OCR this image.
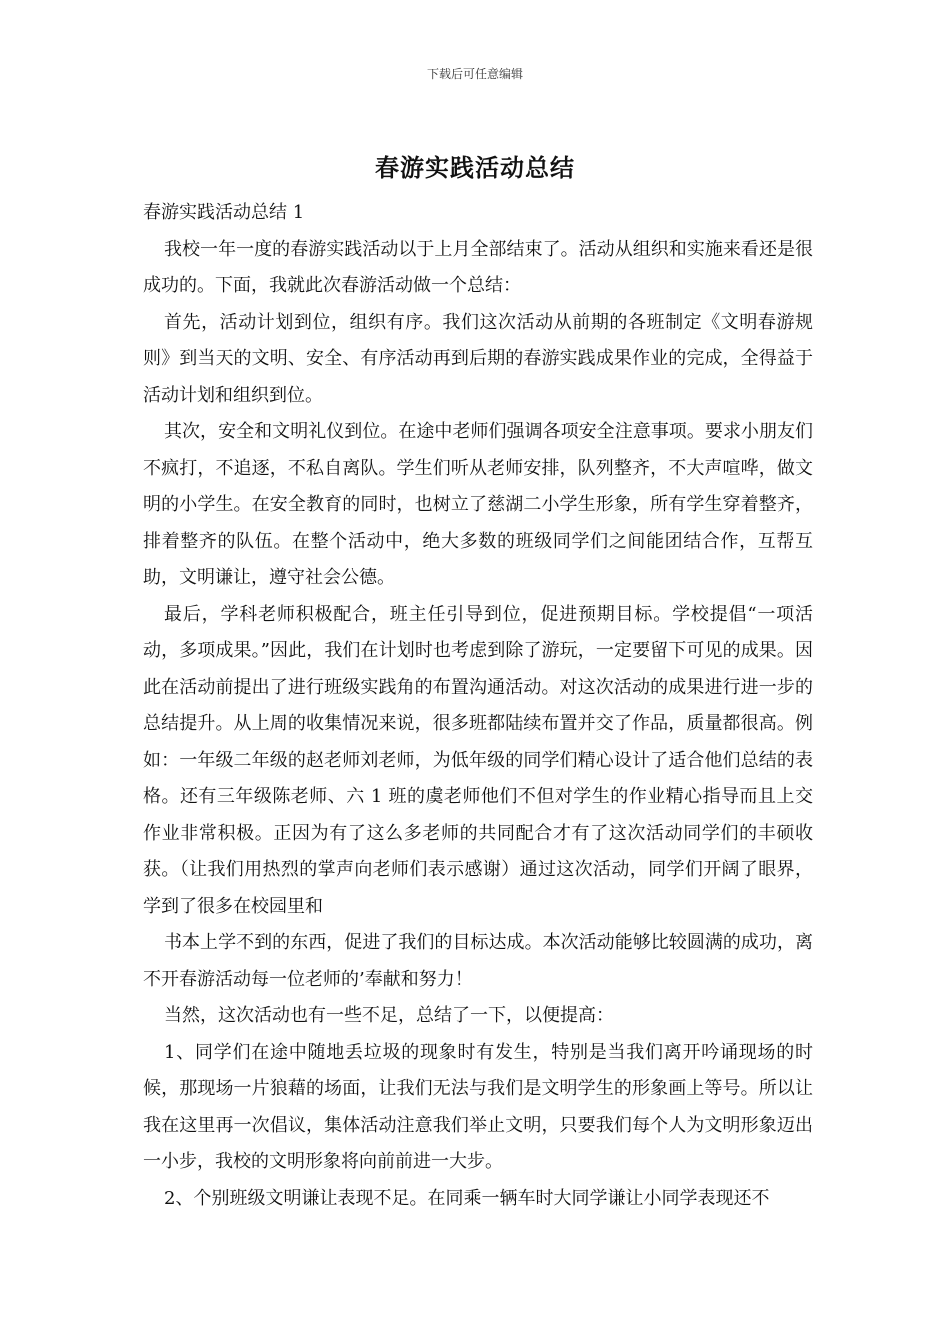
下载后可任意编辑
春游实践活动总结

春游实践活动总结 1

我校一年一度的春游实践活动以于上月全部结束了。活动从组织和实施来看还是很成功的。下面，我就此次春游活动做一个总结：

首先，活动计划到位，组织有序。我们这次活动从前期的各班制定《文明春游规则》到当天的文明、安全、有序活动再到后期的春游实践成果作业的完成，全得益于活动计划和组织到位。

其次，安全和文明礼仪到位。在途中老师们强调各项安全注意事项。要求小朋友们不疯打，不追逐，不私自离队。学生们听从老师安排，队列整齐，不大声喧哗，做文明的小学生。在安全教育的同时，也树立了慈湖二小学生形象，所有学生穿着整齐，排着整齐的队伍。在整个活动中，绝大多数的班级同学们之间能团结合作，互帮互助，文明谦让，遵守社会公德。

最后，学科老师积极配合，班主任引导到位，促进预期目标。学校提倡“一项活动，多项成果。”因此，我们在计划时也考虑到除了游玩，一定要留下可见的成果。因此在活动前提出了进行班级实践角的布置沟通活动。对这次活动的成果进行进一步的总结提升。从上周的收集情况来说，很多班都陆续布置并交了作品，质量都很高。例如：一年级二年级的赵老师刘老师，为低年级的同学们精心设计了适合他们总结的表格。还有三年级陈老师、六 1 班的虞老师他们不但对学生的作业精心指导而且上交作业非常积极。正因为有了这么多老师的共同配合才有了这次活动同学们的丰硕收获。（让我们用热烈的掌声向老师们表示感谢）通过这次活动，同学们开阔了眼界，学到了很多在校园里和

书本上学不到的东西，促进了我们的目标达成。本次活动能够比较圆满的成功，离不开春游活动每一位老师的’奉献和努力！

当然，这次活动也有一些不足，总结了一下，以便提高：

1、同学们在途中随地丢垃圾的现象时有发生，特别是当我们离开吟诵现场的时候，那现场一片狼藉的场面，让我们无法与我们是文明学生的形象画上等号。所以让我在这里再一次倡议，集体活动注意我们举止文明，只要我们每个人为文明形象迈出一小步，我校的文明形象将向前前进一大步。

2、个别班级文明谦让表现不足。在同乘一辆车时大同学谦让小同学表现还不
